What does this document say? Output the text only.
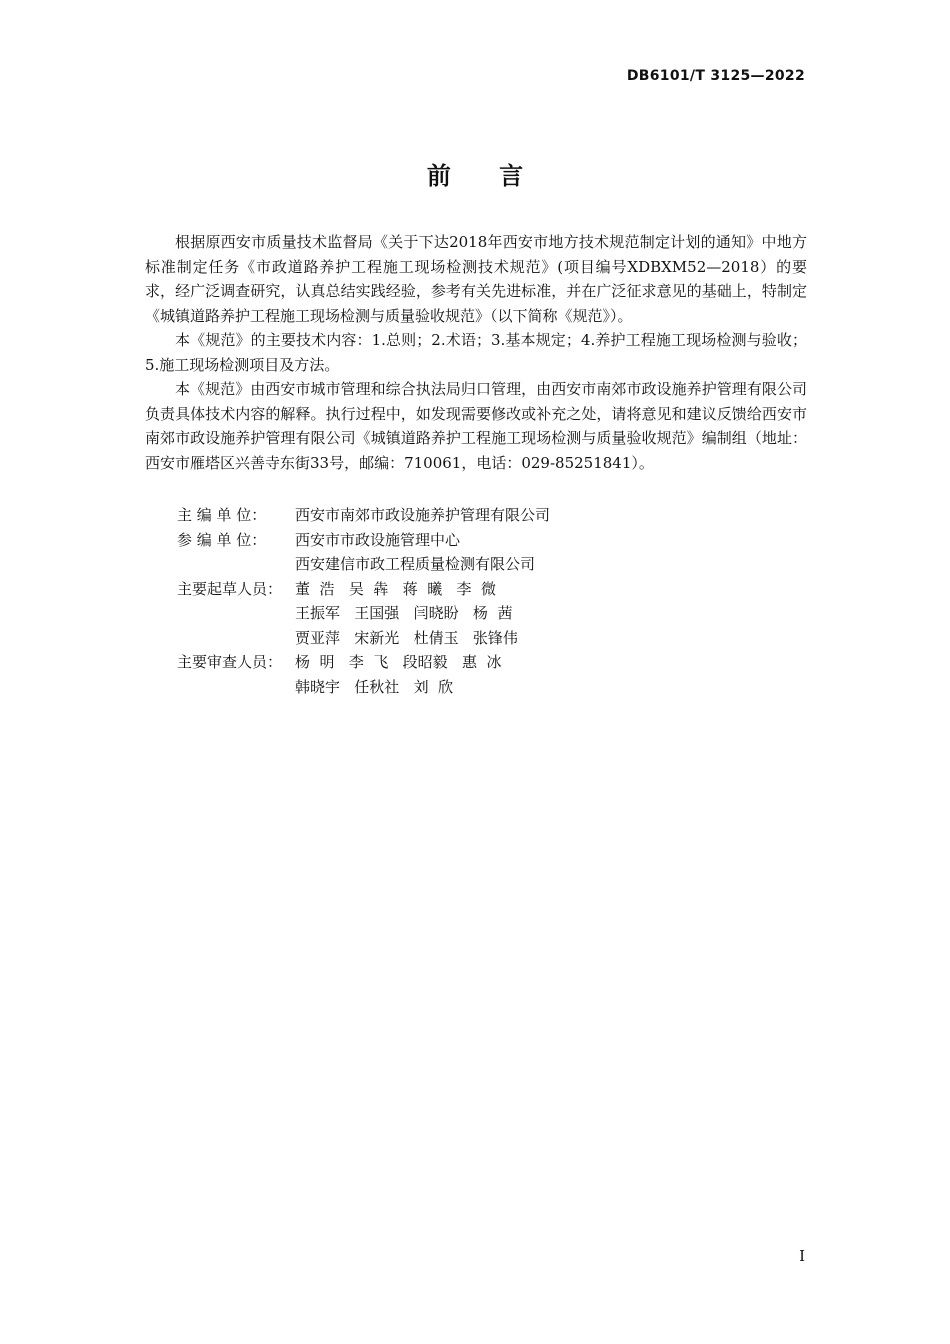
DB6101/T 3125—2022
前 言

根据原西安市质量技术监督局《关于下达2018年西安市地方技术规范制定计划的通知》中地方标准制定任务《市政道路养护工程施工现场检测技术规范》(项目编号XDBXM52—2018）的要求，经广泛调查研究，认真总结实践经验，参考有关先进标准，并在广泛征求意见的基础上，特制定《城镇道路养护工程施工现场检测与质量验收规范》（以下简称《规范》）。

本《规范》的主要技术内容：1.总则；2.术语；3.基本规定；4.养护工程施工现场检测与验收；5.施工现场检测项目及方法。

本《规范》由西安市城市管理和综合执法局归口管理，由西安市南郊市政设施养护管理有限公司负责具体技术内容的解释。执行过程中，如发现需要修改或补充之处，请将意见和建议反馈给西安市南郊市政设施养护管理有限公司《城镇道路养护工程施工现场检测与质量验收规范》编制组（地址：西安市雁塔区兴善寺东街33号，邮编：710061，电话：029-85251841）。

主 编 单 位：	西安市南郊市政设施养护管理有限公司
参 编 单 位：	西安市市政设施管理中心
西安建信市政工程质量检测有限公司
主要起草人员： 董  浩   吴  犇   蒋  曦   李  微
王振军   王国强   闫晓盼   杨  茜
贾亚萍   宋新光   杜倩玉   张锋伟
主要审查人员： 杨  明   李  飞   段昭毅   惠  冰
韩晓宇   任秋社   刘  欣
I
